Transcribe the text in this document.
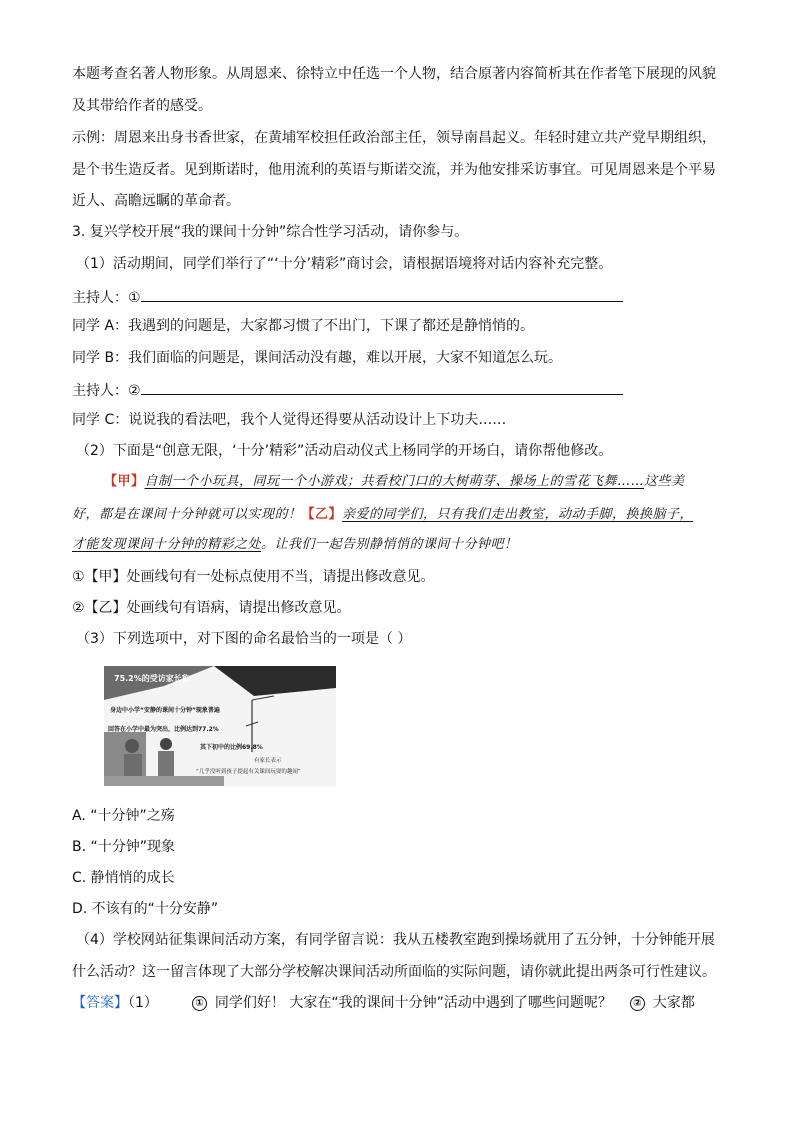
本题考查名著人物形象。从周恩来、徐特立中任选一个人物，结合原著内容简析其在作者笔下展现的风貌
及其带给作者的感受。
示例：周恩来出身书香世家，在黄埔军校担任政治部主任，领导南昌起义。年轻时建立共产党早期组织，
是个书生造反者。见到斯诺时，他用流利的英语与斯诺交流，并为他安排采访事宜。可见周恩来是个平易
近人、高瞻远瞩的革命者。
3. 复兴学校开展“我的课间十分钟”综合性学习活动，请你参与。
（1）活动期间，同学们举行了“‘十分’精彩”商讨会，请根据语境将对话内容补充完整。
主持人：①
同学 A：我遇到的问题是，大家都习惯了不出门，下课了都还是静悄悄的。
同学 B：我们面临的问题是，课间活动没有趣，难以开展，大家不知道怎么玩。
主持人：②
同学 C：说说我的看法吧，我个人觉得还得要从活动设计上下功夫……
（2）下面是“创意无限，‘十分’精彩”活动启动仪式上杨同学的开场白，请你帮他修改。
【甲】自制一个小玩具，同玩一个小游戏；共看校门口的大树萌芽、操场上的雪花飞舞……这些美
好，都是在课间十分钟就可以实现的！【乙】亲爱的同学们，只有我们走出教室，动动手脚，换换脑子，
才能发现课间十分钟的精彩之处。让我们一起告别静悄悄的课间十分钟吧！
①【甲】处画线句有一处标点使用不当，请提出修改意见。
②【乙】处画线句有语病，请提出修改意见。
（3）下列选项中，对下图的命名最恰当的一项是（ ）
75.2%的受访家长称
身边中小学“安静的课间十分钟”现象普遍
回答在小学中最为突出，比例达到77.2%
其下初中的比例69.8%
有家长表示
“几乎没听到孩子提起有关课间玩耍的趣闻”
A. “十分钟”之殇
B. “十分钟”现象
C. 静悄悄的成长
D. 不该有的“十分安静”
（4）学校网站征集课间活动方案，有同学留言说：我从五楼教室跑到操场就用了五分钟，十分钟能开展
什么活动？这一留言体现了大部分学校解决课间活动所面临的实际问题，请你就此提出两条可行性建议。
【答案】（1）	① 同学们好！ 大家在“我的课间十分钟”活动中遇到了哪些问题呢？ ② 大家都
